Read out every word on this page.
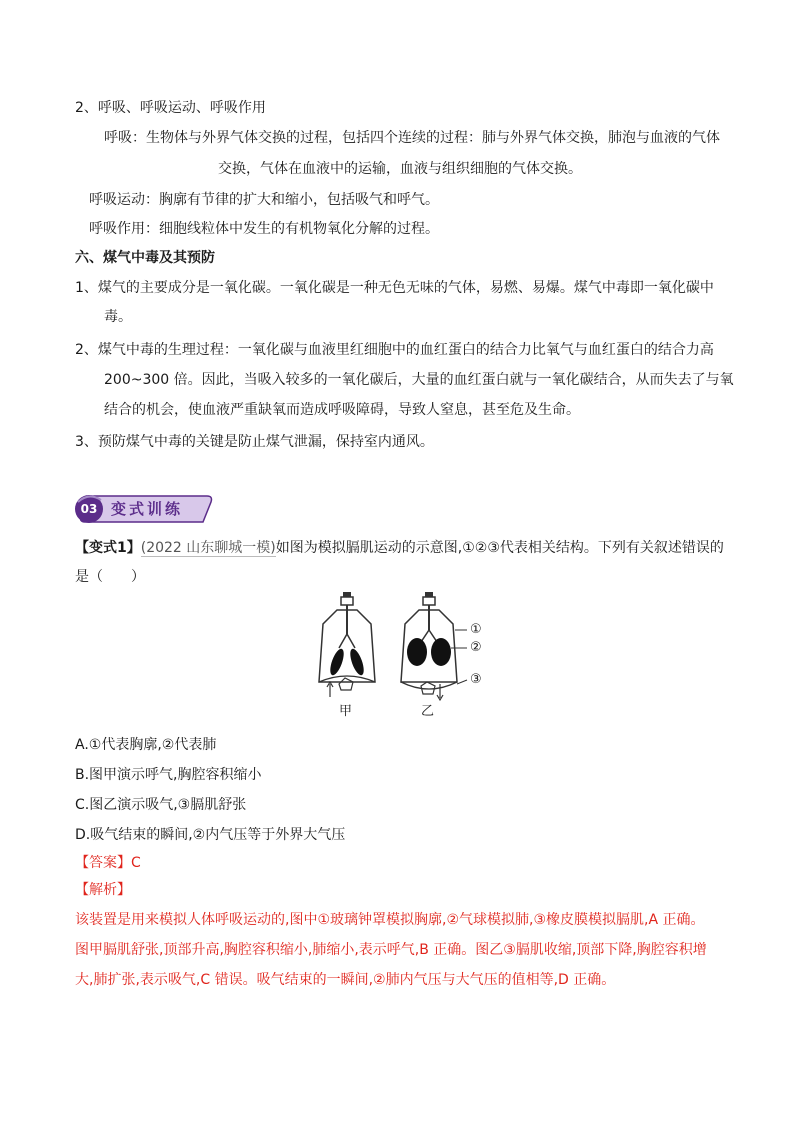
2、呼吸、呼吸运动、呼吸作用
呼吸：生物体与外界气体交换的过程，包括四个连续的过程：肺与外界气体交换，肺泡与血液的气体
交换，气体在血液中的运输，血液与组织细胞的气体交换。
呼吸运动：胸廓有节律的扩大和缩小，包括吸气和呼气。
呼吸作用：细胞线粒体中发生的有机物氧化分解的过程。
六、煤气中毒及其预防
1、煤气的主要成分是一氧化碳。一氧化碳是一种无色无味的气体，易燃、易爆。煤气中毒即一氧化碳中
毒。
2、煤气中毒的生理过程：一氧化碳与血液里红细胞中的血红蛋白的结合力比氧气与血红蛋白的结合力高
200~300 倍。因此，当吸入较多的一氧化碳后，大量的血红蛋白就与一氧化碳结合，从而失去了与氧
结合的机会，使血液严重缺氧而造成呼吸障碍，导致人窒息，甚至危及生命。
3、预防煤气中毒的关键是防止煤气泄漏，保持室内通风。
03 变式训练
【变式1】(2022 山东聊城一模)如图为模拟膈肌运动的示意图,①②③代表相关结构。下列有关叙述错误的
是（　　）
①
②
③
甲	乙
A.①代表胸廓,②代表肺
B.图甲演示呼气,胸腔容积缩小
C.图乙演示吸气,③膈肌舒张
D.吸气结束的瞬间,②内气压等于外界大气压
【答案】C
【解析】
该装置是用来模拟人体呼吸运动的,图中①玻璃钟罩模拟胸廓,②气球模拟肺,③橡皮膜模拟膈肌,A 正确。
图甲膈肌舒张,顶部升高,胸腔容积缩小,肺缩小,表示呼气,B 正确。图乙③膈肌收缩,顶部下降,胸腔容积增
大,肺扩张,表示吸气,C 错误。吸气结束的一瞬间,②肺内气压与大气压的值相等,D 正确。
